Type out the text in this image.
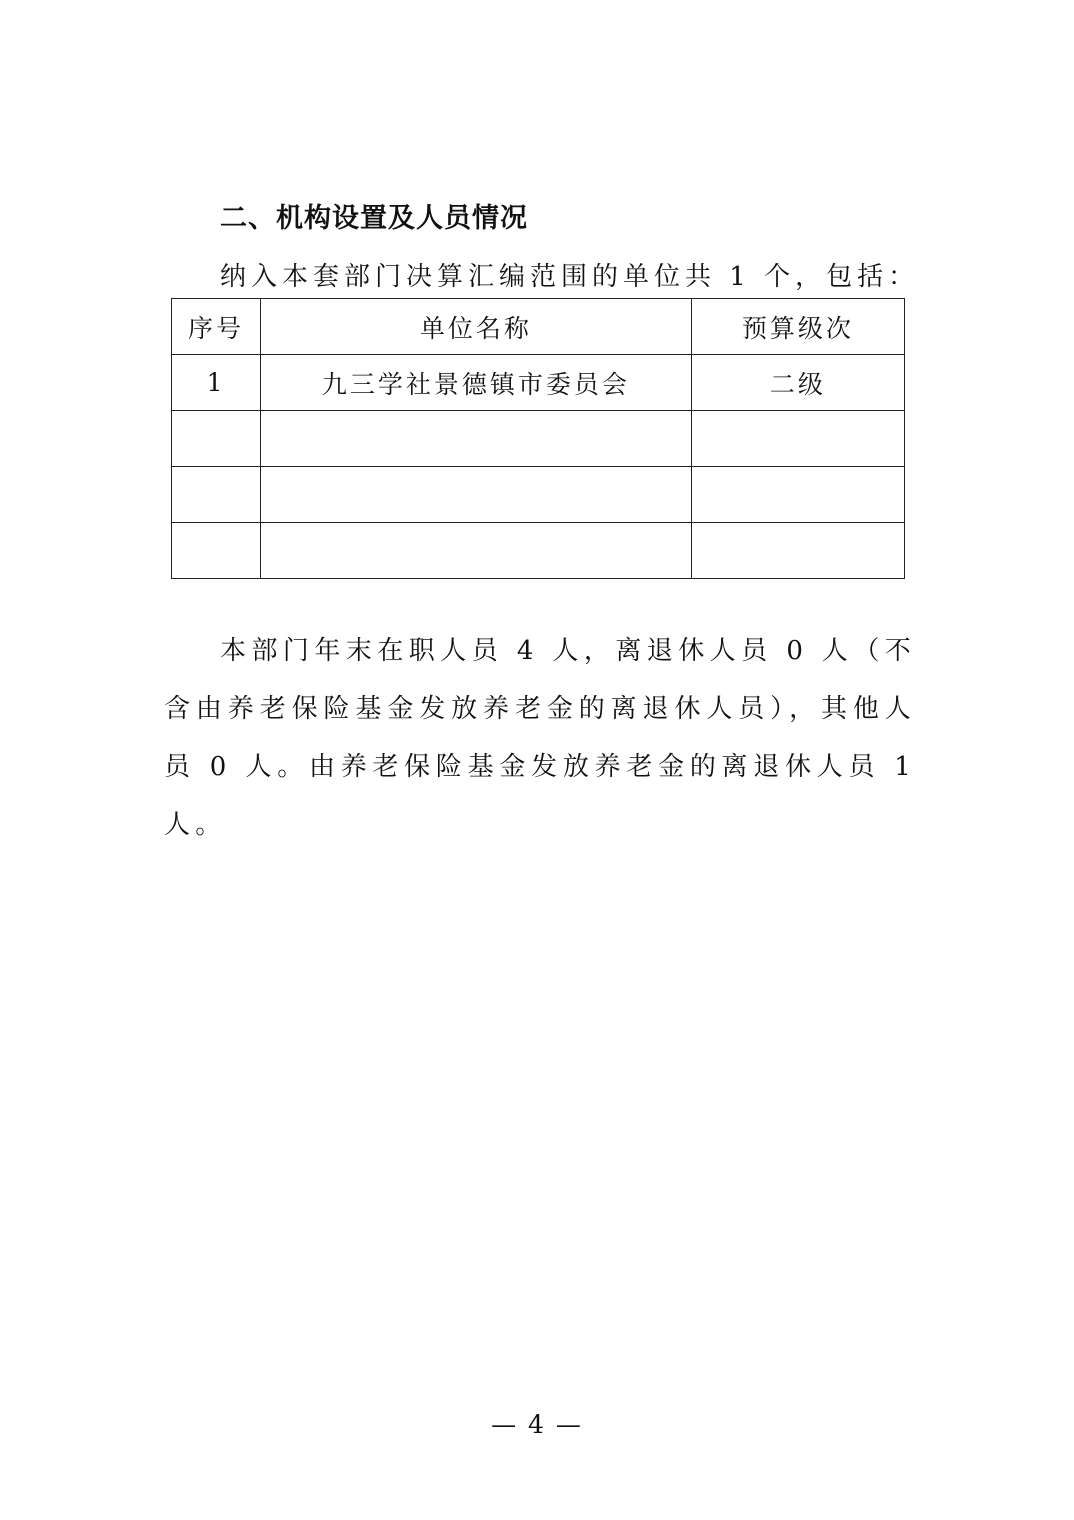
二、机构设置及人员情况
纳入本套部门决算汇编范围的单位共 1 个，包括：
序号	单位名称	预算级次
1	九三学社景德镇市委员会	二级

本部门年末在职人员 4 人，离退休人员 0 人（不含由养老保险基金发放养老金的离退休人员），其他人员 0 人。由养老保险基金发放养老金的离退休人员 1 人。

— 4 —
